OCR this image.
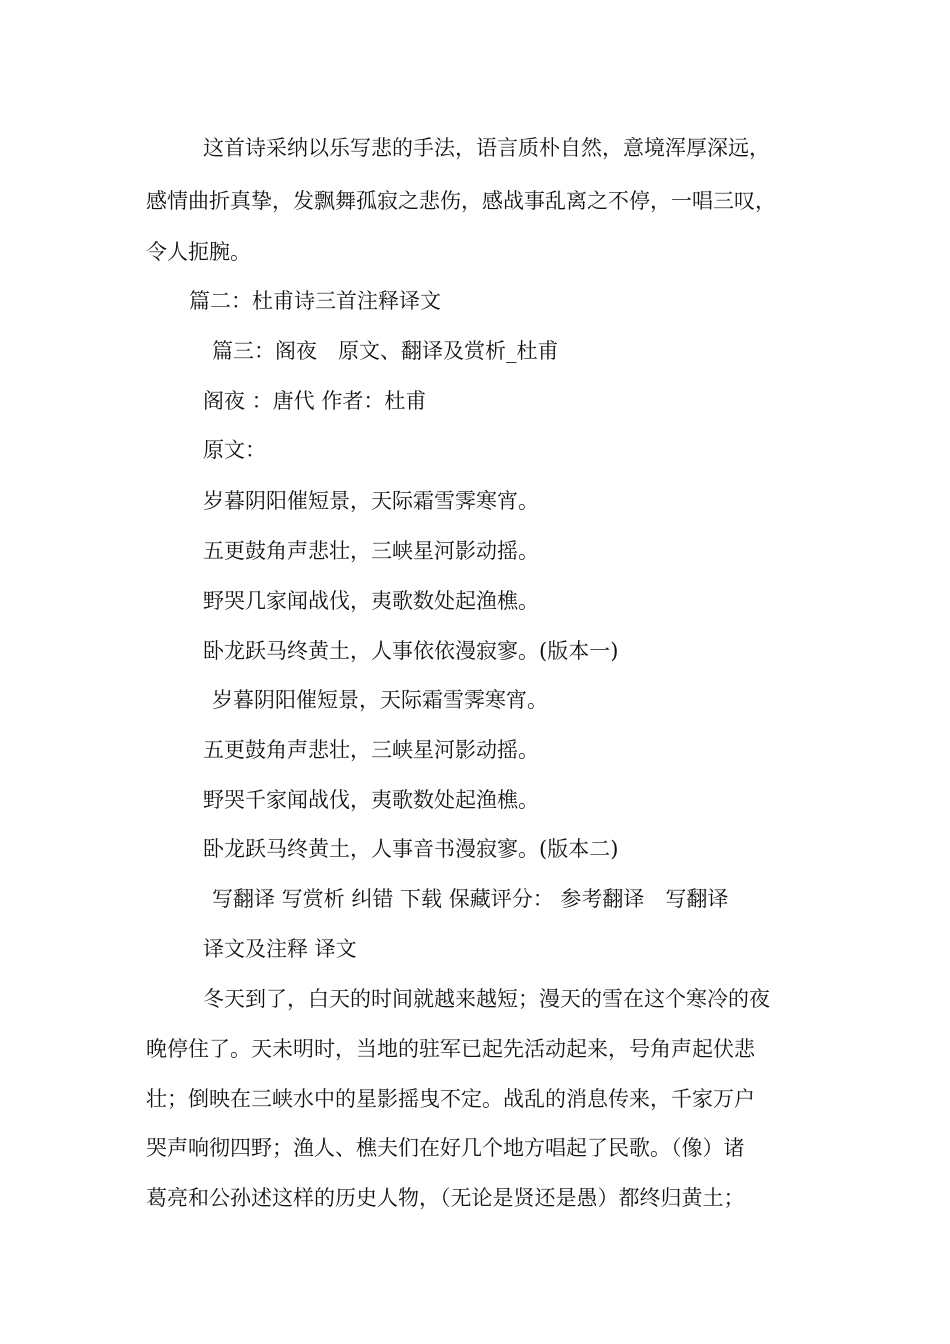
这首诗采纳以乐写悲的手法，语言质朴自然，意境浑厚深远，

感情曲折真挚，发飘舞孤寂之悲伤，感战事乱离之不停，一唱三叹，

令人扼腕。

篇二：杜甫诗三首注释译文

篇三：阁夜　原文、翻译及赏析_杜甫

阁夜 ：唐代 作者：杜甫

原文：

岁暮阴阳催短景，天际霜雪霁寒宵。

五更鼓角声悲壮，三峡星河影动摇。

野哭几家闻战伐，夷歌数处起渔樵。

卧龙跃马终黄土，人事依依漫寂寥。(版本一)

岁暮阴阳催短景，天际霜雪霁寒宵。

五更鼓角声悲壮，三峡星河影动摇。

野哭千家闻战伐，夷歌数处起渔樵。

卧龙跃马终黄土，人事音书漫寂寥。(版本二)

写翻译 写赏析 纠错 下载 保藏评分： 参考翻译　写翻译

译文及注释 译文

冬天到了，白天的时间就越来越短；漫天的雪在这个寒冷的夜

晚停住了。天未明时，当地的驻军已起先活动起来，号角声起伏悲

壮；倒映在三峡水中的星影摇曳不定。战乱的消息传来，千家万户

哭声响彻四野；渔人、樵夫们在好几个地方唱起了民歌。（像）诸

葛亮和公孙述这样的历史人物，（无论是贤还是愚）都终归黄土；
